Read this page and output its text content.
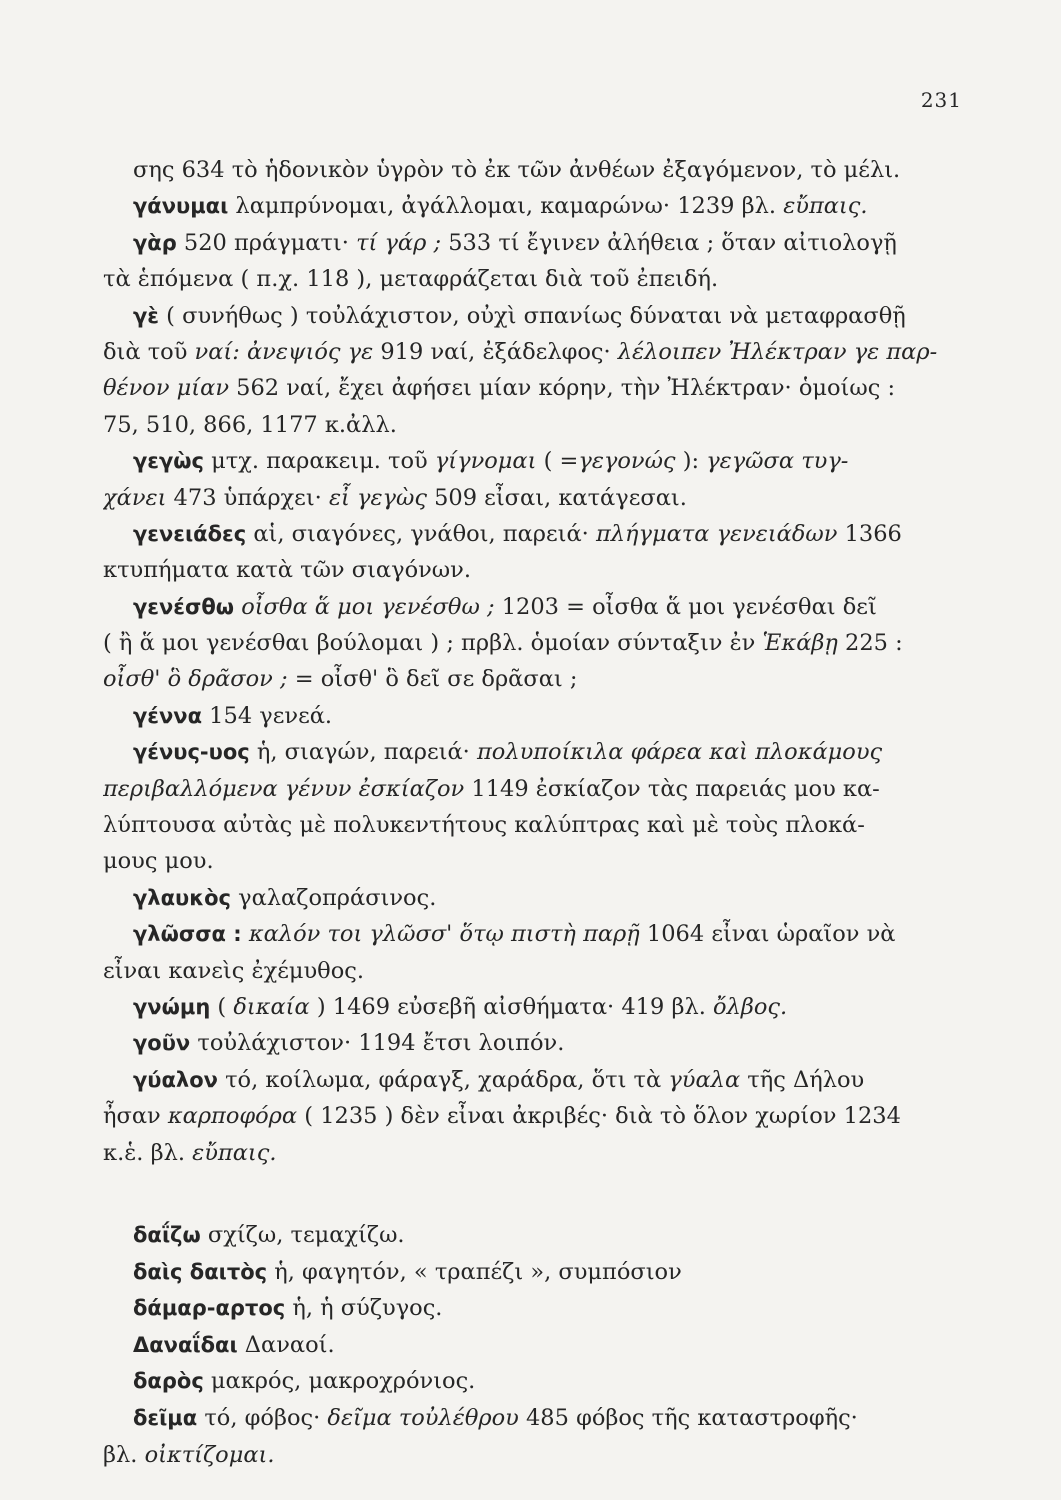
231
σης 634 τὸ ἡδονικὸν ὑγρὸν τὸ ἐκ τῶν ἀνθέων ἐξαγόμενον, τὸ μέλι.
γάνυμαι λαμπρύνομαι, ἀγάλλομαι, καμαρώνω· 1239 βλ. εὔπαις.
γὰρ 520 πράγματι· τί γάρ ; 533 τί ἔγινεν ἀλήθεια ; ὅταν αἰτιολογῇ
τὰ ἑπόμενα ( π.χ. 118 ), μεταφράζεται διὰ τοῦ ἐπειδή.
γὲ ( συνήθως ) τοὐλάχιστον, οὐχὶ σπανίως δύναται νὰ μεταφρασθῇ
διὰ τοῦ ναί: ἀνεψιός γε 919 ναί, ἐξάδελφος· λέλοιπεν Ἠλέκτραν γε παρ-
θένον μίαν 562 ναί, ἔχει ἀφήσει μίαν κόρην, τὴν Ἠλέκτραν· ὁμοίως :
75, 510, 866, 1177 κ.ἀλλ.
γεγὼς μτχ. παρακειμ. τοῦ γίγνομαι ( =γεγονώς ): γεγῶσα τυγ-
χάνει 473 ὑπάρχει· εἶ γεγὼς 509 εἶσαι, κατάγεσαι.
γενειάδες αἱ, σιαγόνες, γνάθοι, παρειά· πλήγματα γενειάδων 1366
κτυπήματα κατὰ τῶν σιαγόνων.
γενέσθω οἶσθα ἅ μοι γενέσθω ; 1203 = οἶσθα ἅ μοι γενέσθαι δεῖ
( ἢ ἅ μοι γενέσθαι βούλομαι ) ; πρβλ. ὁμοίαν σύνταξιν ἐν Ἑκάβῃ 225 :
οἶσθ' ὃ δρᾶσον ; = οἶσθ' ὃ δεῖ σε δρᾶσαι ;
γέννα 154 γενεά.
γένυς-υος ἡ, σιαγών, παρειά· πολυποίκιλα φάρεα καὶ πλοκάμους
περιβαλλόμενα γένυν ἐσκίαζον 1149 ἐσκίαζον τὰς παρειάς μου κα-
λύπτουσα αὐτὰς μὲ πολυκεντήτους καλύπτρας καὶ μὲ τοὺς πλοκά-
μους μου.
γλαυκὸς γαλαζοπράσινος.
γλῶσσα : καλόν τοι γλῶσσ' ὅτῳ πιστὴ παρῇ 1064 εἶναι ὡραῖον νὰ
εἶναι κανεὶς ἐχέμυθος.
γνώμη ( δικαία ) 1469 εὐσεβῆ αἰσθήματα· 419 βλ. ὄλβος.
γοῦν τοὐλάχιστον· 1194 ἔτσι λοιπόν.
γύαλον τό, κοίλωμα, φάραγξ, χαράδρα, ὅτι τὰ γύαλα τῆς Δήλου
ἦσαν καρποφόρα ( 1235 ) δὲν εἶναι ἀκριβές· διὰ τὸ ὅλον χωρίον 1234
κ.ἑ. βλ. εὔπαις.
δαΐζω σχίζω, τεμαχίζω.
δαὶς δαιτὸς ἡ, φαγητόν, « τραπέζι », συμπόσιον
δάμαρ-αρτος ἡ, ἡ σύζυγος.
Δαναΐδαι Δαναοί.
δαρὸς μακρός, μακροχρόνιος.
δεῖμα τό, φόβος· δεῖμα τοὐλέθρου 485 φόβος τῆς καταστροφῆς·
βλ. οἰκτίζομαι.
